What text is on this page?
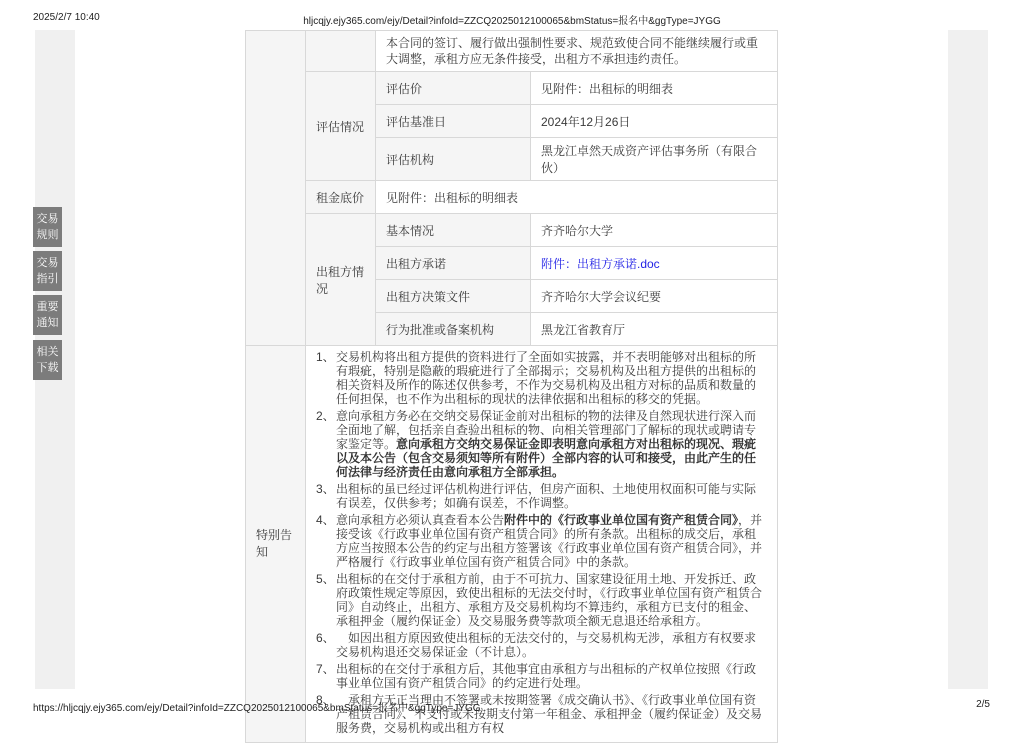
2025/2/7 10:40	hljcqjy.ejy365.com/ejy/Detail?infoId=ZZCQ2025012100065&bmStatus=报名中&ggType=JYGG
交易规则
交易指引
重要通知
相关下载
		本合同的签订、履行做出强制性要求、规范致使合同不能继续履行或重大调整，承租方应无条件接受，出租方不承担违约责任。	
	评估情况	评估价	见附件：出租标的明细表
		评估基准日	2024年12月26日
		评估机构	黑龙江卓然天成资产评估事务所（有限合伙）
	租金底价	见附件：出租标的明细表	
	出租方情况	基本情况	齐齐哈尔大学
		出租方承诺	附件：出租方承诺.doc
		出租方决策文件	齐齐哈尔大学会议纪要
		行为批准或备案机构	黑龙江省教育厅
特别告知	
1、 交易机构将出租方提供的资料进行了全面如实披露，并不表明能够对出租标的所有瑕疵，特别是隐蔽的瑕疵进行了全部揭示；交易机构及出租方提供的出租标的相关资料及所作的陈述仅供参考，不作为交易机构及出租方对标的品质和数量的任何担保，也不作为出租标的现状的法律依据和出租标的移交的凭据。
2、 意向承租方务必在交纳交易保证金前对出租标的物的法律及自然现状进行深入而全面地了解，包括亲自查验出租标的物、向相关管理部门了解标的现状或聘请专家鉴定等。意向承租方交纳交易保证金即表明意向承租方对出租标的现况、瑕疵以及本公告（包含交易须知等所有附件）全部内容的认可和接受，由此产生的任何法律与经济责任由意向承租方全部承担。
3、 出租标的虽已经过评估机构进行评估，但房产面积、土地使用权面积可能与实际有误差，仅供参考；如确有误差，不作调整。
4、 意向承租方必须认真查看本公告附件中的《行政事业单位国有资产租赁合同》，并接受该《行政事业单位国有资产租赁合同》的所有条款。出租标的成交后，承租方应当按照本公告的约定与出租方签署该《行政事业单位国有资产租赁合同》，并严格履行《行政事业单位国有资产租赁合同》中的条款。
5、 出租标的在交付于承租方前，由于不可抗力、国家建设征用土地、开发拆迁、政府政策性规定等原因，致使出租标的无法交付时，《行政事业单位国有资产租赁合同》自动终止，出租方、承租方及交易机构均不算违约，承租方已支付的租金、承租押金（履约保证金）及交易服务费等款项全额无息退还给承租方。
6、 　如因出租方原因致使出租标的无法交付的，与交易机构无涉，承租方有权要求交易机构退还交易保证金（不计息）。
7、 出租标的在交付于承租方后，其他事宜由承租方与出租标的产权单位按照《行政事业单位国有资产租赁合同》的约定进行处理。
8、 　承租方无正当理由不签署或未按期签署《成交确认书》、《行政事业单位国有资产租赁合同》、不支付或未按期支付第一年租金、承租押金（履约保证金）及交易服务费，交易机构或出租方有权
https://hljcqjy.ejy365.com/ejy/Detail?infoId=ZZCQ2025012100065&bmStatus=报名中&ggType=JYGG	2/5
